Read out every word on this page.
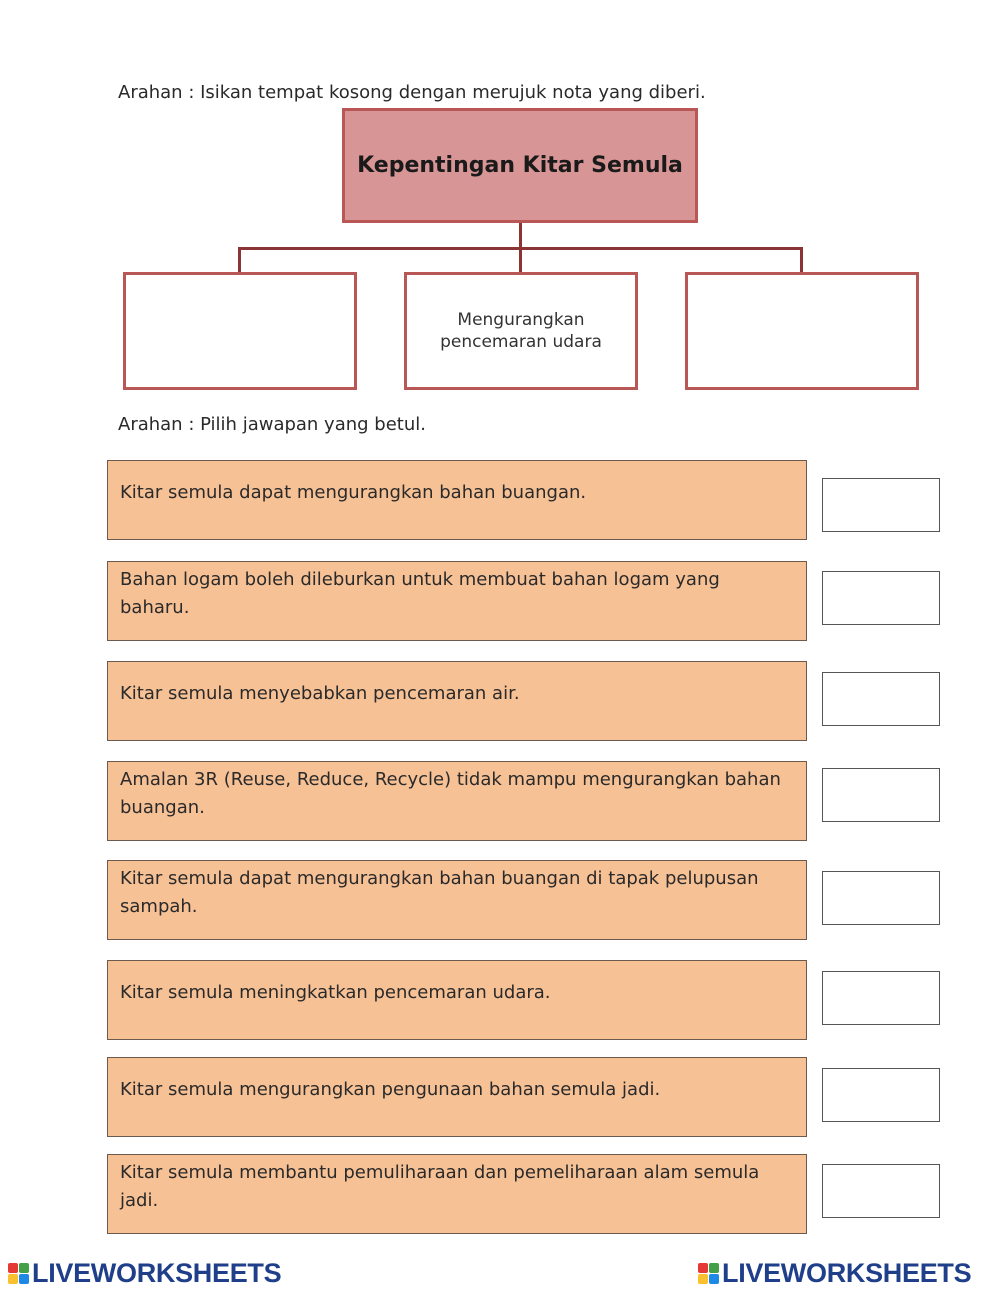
Arahan : Isikan tempat kosong dengan merujuk nota yang diberi.
Kepentingan Kitar Semula
Mengurangkan pencemaran udara
Arahan : Pilih jawapan yang betul.
Kitar semula dapat mengurangkan bahan buangan.
Bahan logam boleh dileburkan untuk membuat bahan logam yang baharu.
Kitar semula menyebabkan pencemaran air.
Amalan 3R (Reuse, Reduce, Recycle) tidak mampu mengurangkan bahan buangan.
Kitar semula dapat mengurangkan bahan buangan di tapak pelupusan sampah.
Kitar semula meningkatkan pencemaran udara.
Kitar semula mengurangkan pengunaan bahan semula jadi.
Kitar semula membantu pemuliharaan dan pemeliharaan alam semula jadi.
LIVEWORKSHEETS	LIVEWORKSHEETS
